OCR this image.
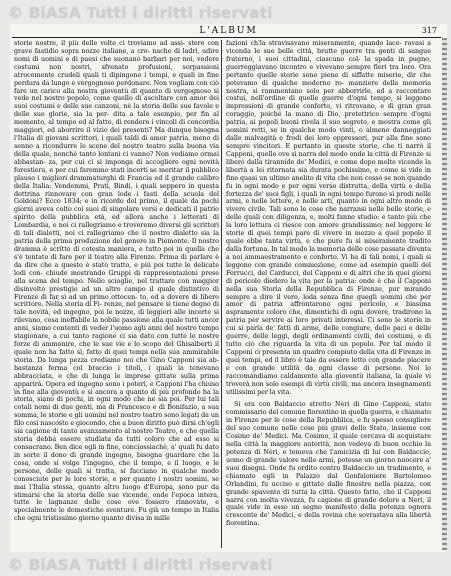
© BiASA Tutti i diritti riservati
L'ALBUM	317

storie nostre, il più delle volte ci troviamo ad assi- stere con grave fastidio sopra nozze italiane, a cro- nache di ladri, udire nomi di uomini e di paesi che suonano barbari per noi, vedere costumi non nostri, sfrenato profusioni, sorpassioni atrocemente crudeli quali ti dipingono i tempi, e quali in fine perdura da lungo e vergognoso perdonare. Non vogliam con ciò fare un carico alla nostra gioventù di quanto di vergognoso si vede nel nostro popolo, come quello di ascoltare con amor dei suoi costumi e delle sue canzoni, nè la storia delle sue favole e delle sue glorie, sia la per- dita a tale esempio, per fin al momento, al tempo ed al fatto, di rendere i vincoli di concordia maggiori, ed aborrire il vizio dei presenti? Ma dunque bisogna l'Italia di giovani scrittori, i quali taldi di amor patria, meno di senno a ricondurre le scene del nostro teatro sulla buona via della quale, nonché tanto lontani ci vanno? Non vediamo ormai abbastan- za, per cui ci si imponga di accogliere ogni novità forestiera, e per cui faremmo stati incerti se meritar il pubblico plauso i migliori drammaturghi di Francia ed il grande calibro della Italia: Vendemmi, Prati, Bindi, i quali seppero in questa dottrina rinnovare con gran lode i fasti della scuola del Goldoni? Ecco 1834; e in ricordo del primo, il quale da pochi giorni aveva colto coi suoi di singolare versi e dedicati il patrio spirito della pubblica età, ed allora anche i letterati di Lombardia, e noi ci rallegriamo e troveremo diversi gli scrittori di tali dialetti, noi ci rallegriamo che il nostro dialetto sia la patria della prima produzione del genere in Piemonte. Il nostro dramma è scritto di cotesta maniera, e tutto poi in quella che s'è tentato di fare per il teatro alla Firenze. Prima di parlare è da dire che a questo è stato tratto, e più poi tutte le delicate lodi con- chiude mostrando Gruppi di rappresentazioni prese alla scena del tempo. Nello scioglie, nel trattare con maggior disinvolto prestigio ad un altro campo il quale distintivo di Firenze di far sì ad un primo ottocen- to, ed a dovere di libero scrittore. Nella storia di Fi- renze, nel pensare si tiene degno di tale novità, ed ingegno, poi le nozze, di leggieri alle incerte si rilevano, cosa ineffabile la nobile passione alla quale tutti ancor anni, siamo contenti di veder l'uomo agli anni del nostro tempo stagionare, a cui tanto ragione ci sia dato con tutte le nostre forze di ammonire, che le sue vie e lo scopo del Ghisalberti il quale non ha fatto sì, fatto di quei tempi nella sua ammirabile storia. Da lunga pezza crediamo noi che Gino Capponi sia ab- bastanza ferma col braccio i titoli, i quali la tenevano abbracciata, e che di lunga le imprese gittate sulla prima apparirà. Opera ed ingegno sono i poteri, e Capponi l'ha chiuso in fine alla gioventù e sì ancora a quanto di più profondo ha la storia, siano di pochi, in ogni modo che ne sia poi. Per lui tali cotali nomi di due genti, ma di Francesco e di Bonifazio, a sua somma, le storie e gli uomini nel nostro teatro sono legati da un filo così nascosto e giocondo, che a buon diritto può dirsi ch'egli sia cagione di tanto avanzamento al nostro Teatro, e che quella storia debba essere studiata da tutti coloro che ad esso si consacrano. Ben dice egli in fine, conciossiachè, a' quali fu dato in sorte il dono di grande ingegno, bisogna guardare che la cosa, onde si volge l'ingegno, che il tempo, e il luogo, e le persone, delle quali si tratta, si facciano in qualche modo conosciute per le loro storie, e per quanto i nostri uomini, se mai l'Italia stessa, quanto altro luogo d'Europa, sono pur da stimarsi che la storia delle sue vicende, onde l'epoca intera, tutte le lagnanze delle cose ove fossero rinnovate, e specialmente le domestiche sventure. Fu già un tempo in Italia che ogni tristissimo giorno quanto divisa in mille

fazioni ch'la stravisavano miseramente, quando lace- ravasi a vicenda le sue belle città, brutte guerre tra genti di sangue fraterno, i suoi cittadini, ciascuno col- la spada in pugno, guerreggiavano incontro e vivevano sempre fieri tra loro. Ora pertanto quelle storie sono piene di siffatte miserie, dir che potevamo di qualche moderno ro- manziere della memoria nostra, si rammentano solo per abborrirle, ed a raccontare costui, nell'ordine di quelle guerre d'ogni tempo, si leggono impressioni di grande conforto, vi ritrovano, e di gran gran coraggio, poiché la mano di Dio, protettrice sempre d'ogni patria, ai popoli buoni rivela il suo segreto, e mostra come gli uomini retti, se in qualche modo vinti, o almeno danneggiati dalle malvagità e frodi dei loro oppressori, pur alla fine sono sempre vincitori. E pertanto in queste storie, che ti narrò il Capponi, quelle ove si narra del modo onde la città di Firenze si liberò dalla tirannide de' Medici, e come dopo molte vicende la libertà a lei ritornata sia durata pochissimo, e come si vide in fine quasi un ultimo anelito di vita che non cessò se non quando fu in ogni modo e per ogni verso distrutta, della virtù e della fortezza de' suoi figli, i quali in ogni tempo furono sì prodi nelle armi, e nelle lettere, e nelle arti, quanto in ogni altro modo di vivere civile. Tali sono le cose che narransi nelle belle storie, e delle quali con diligenza, e, molti fanno studio: e tanto più che la loro lettura ci riesce con amore grandissimo; nel leggere le storie di quei tempi pare di vivere in mezzo a quel popolo il quale ebbe tanta virtù, e che pure fu sì miseramente tradito dalla fortuna. In tal modo la memoria delle cose passate diventa a noi ammaestramento e conforto. Vi ha di tali nomi, i quali si leggono con grande commozione, come ad esempio quelli del Ferrucci, del Carducci, del Capponi e di altri che in quei giorni di pericolo diedero la vita per la patria: onde è che il Capponi nella sua Storia della Repubblica di Firenze, pur mirando sempre a dire il vero, loda senza fine quegli uomini che per amor di patria affrontarono ogni pericolo, e biasima aspramente coloro che, dimentichi di ogni dovere, tradirono la patria per servire ai loro privati interessi. Ci sono le storie in cui si parla de' fatti di arme, delle congiure, delle paci e delle guerre, delle leggi, degli ordinamenti civili, dei costumi, e di tutto ciò che riguarda la vita di un popolo. Per tal modo il Capponi ci presenta un quadro compiuto della vita di Firenze in quei tempi, ed il libro è tale da essere letto con grande piacere e con grande utilità da ogni classe di persone. Noi lo raccomandiamo caldamente alla gioventù italiana, la quale vi troverà non solo esempi di virtù civili, ma ancora insegnamenti utilissimi per la vita.

Si era con Baldaccio stretto Neri di Gino Capponi, stato commissario del comune fiorentino in quella guerra, e chiamato in Firenze per le cose della Repubblica, e fu spesso consigliere del suo comune nelle cose più gravi dello Stato, insieme con Cosimo de' Medici. Ma Cosimo, il quale cercava di acquistare nella città la maggiore autorità, non vedeva di buon occhio la potenza di Neri, e temeva che l'amicizia di lui con Baldaccio, uomo di grande valore nelle armi, potesse un giorno nuocere a' suoi disegni. Onde fu ordito contro Baldaccio un tradimento, e chiamato egli in Palazzo dal Gonfaloniere Bartolomeo Orlandini, fu ucciso e gittato dalle finestre nella piazza, con grande spavento di tutta la città. Questo fatto, che il Capponi narra con molta vivezza, fu cagione di grande dolore a Neri, il quale vide in esso un segno manifesto della potenza ognora crescente de' Medici, e della rovina che sovrastava alla libertà fiorentina.

© BiASA Tutti i diritti riservati
